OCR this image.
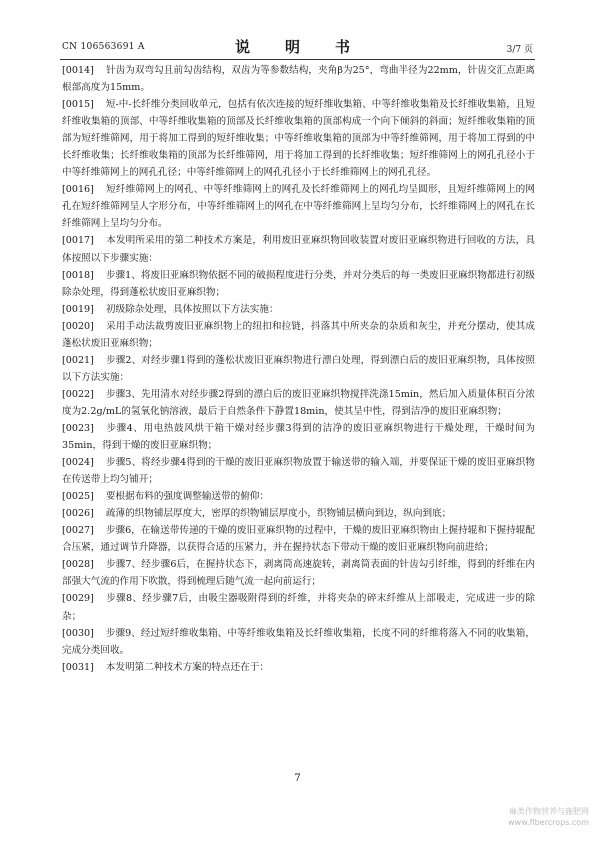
CN 106563691 A	说　明　书	3/7 页

[0014] 针齿为双弯勾且前勾齿结构，双齿为等参数结构，夹角β为25°，弯曲半径为22mm，针齿交汇点距离根部高度为15mm。

[0015] 短-中-长纤维分类回收单元，包括有依次连接的短纤维收集箱、中等纤维收集箱及长纤维收集箱，且短纤维收集箱的顶部、中等纤维收集箱的顶部及长纤维收集箱的顶部构成一个向下倾斜的斜面；短纤维收集箱的顶部为短纤维筛网，用于将加工得到的短纤维收集；中等纤维收集箱的顶部为中等纤维筛网，用于将加工得到的中长纤维收集；长纤维收集箱的顶部为长纤维筛网，用于将加工得到的长纤维收集；短纤维筛网上的网孔孔径小于中等纤维筛网上的网孔孔径；中等纤维筛网上的网孔孔径小于长纤维筛网上的网孔孔径。

[0016] 短纤维筛网上的网孔、中等纤维筛网上的网孔及长纤维筛网上的网孔均呈圆形，且短纤维筛网上的网孔在短纤维筛网呈人字形分布，中等纤维筛网上的网孔在中等纤维筛网上呈均匀分布，长纤维筛网上的网孔在长纤维筛网上呈均匀分布。

[0017] 本发明所采用的第二种技术方案是，利用废旧亚麻织物回收装置对废旧亚麻织物进行回收的方法，具体按照以下步骤实施：

[0018] 步骤1、将废旧亚麻织物依据不同的破损程度进行分类，并对分类后的每一类废旧亚麻织物都进行初级除杂处理，得到蓬松状废旧亚麻织物；

[0019] 初级除杂处理，具体按照以下方法实施：

[0020] 采用手动法裁剪废旧亚麻织物上的纽扣和拉链，抖落其中所夹杂的杂质和灰尘，并充分摆动，使其成蓬松状废旧亚麻织物；

[0021] 步骤2、对经步骤1得到的蓬松状废旧亚麻织物进行漂白处理，得到漂白后的废旧亚麻织物，具体按照以下方法实施：

[0022] 步骤3、先用清水对经步骤2得到的漂白后的废旧亚麻织物搅拌洗涤15min，然后加入质量体积百分浓度为2.2g/mL的氢氧化钠溶液，最后于自然条件下静置18min，使其呈中性，得到洁净的废旧亚麻织物；

[0023] 步骤4、用电热鼓风烘干箱干燥对经步骤3得到的洁净的废旧亚麻织物进行干燥处理，干燥时间为35min，得到干燥的废旧亚麻织物；

[0024] 步骤5、将经步骤4得到的干燥的废旧亚麻织物放置于输送带的输入端，并要保证干燥的废旧亚麻织物在传送带上均匀铺开；

[0025] 要根据布料的强度调整输送带的俯仰：

[0026] 疏薄的织物铺层厚度大，密厚的织物铺层厚度小，织物铺层横向到边，纵向到底；

[0027] 步骤6，在输送带传递的干燥的废旧亚麻织物的过程中，干燥的废旧亚麻织物由上握持辊和下握持辊配合压紧，通过调节升降器，以获得合适的压紧力，并在握持状态下带动干燥的废旧亚麻织物向前进给；

[0028] 步骤7、经步骤6后，在握持状态下，剥离筒高速旋转，剥离筒表面的针齿勾引纤维，得到的纤维在内部强大气流的作用下吹散，得到梳理后随气流一起向前运行；

[0029] 步骤8、经步骤7后，由吸尘器吸附得到的纤维，并将夹杂的碎末纤维从上部吸走，完成进一步的除杂；

[0030] 步骤9、经过短纤维收集箱、中等纤维收集箱及长纤维收集箱，长度不同的纤维将落入不同的收集箱，完成分类回收。

[0031] 本发明第二种技术方案的特点还在于：

7
麻类作物营养与施肥网
www.fibercrops.com
